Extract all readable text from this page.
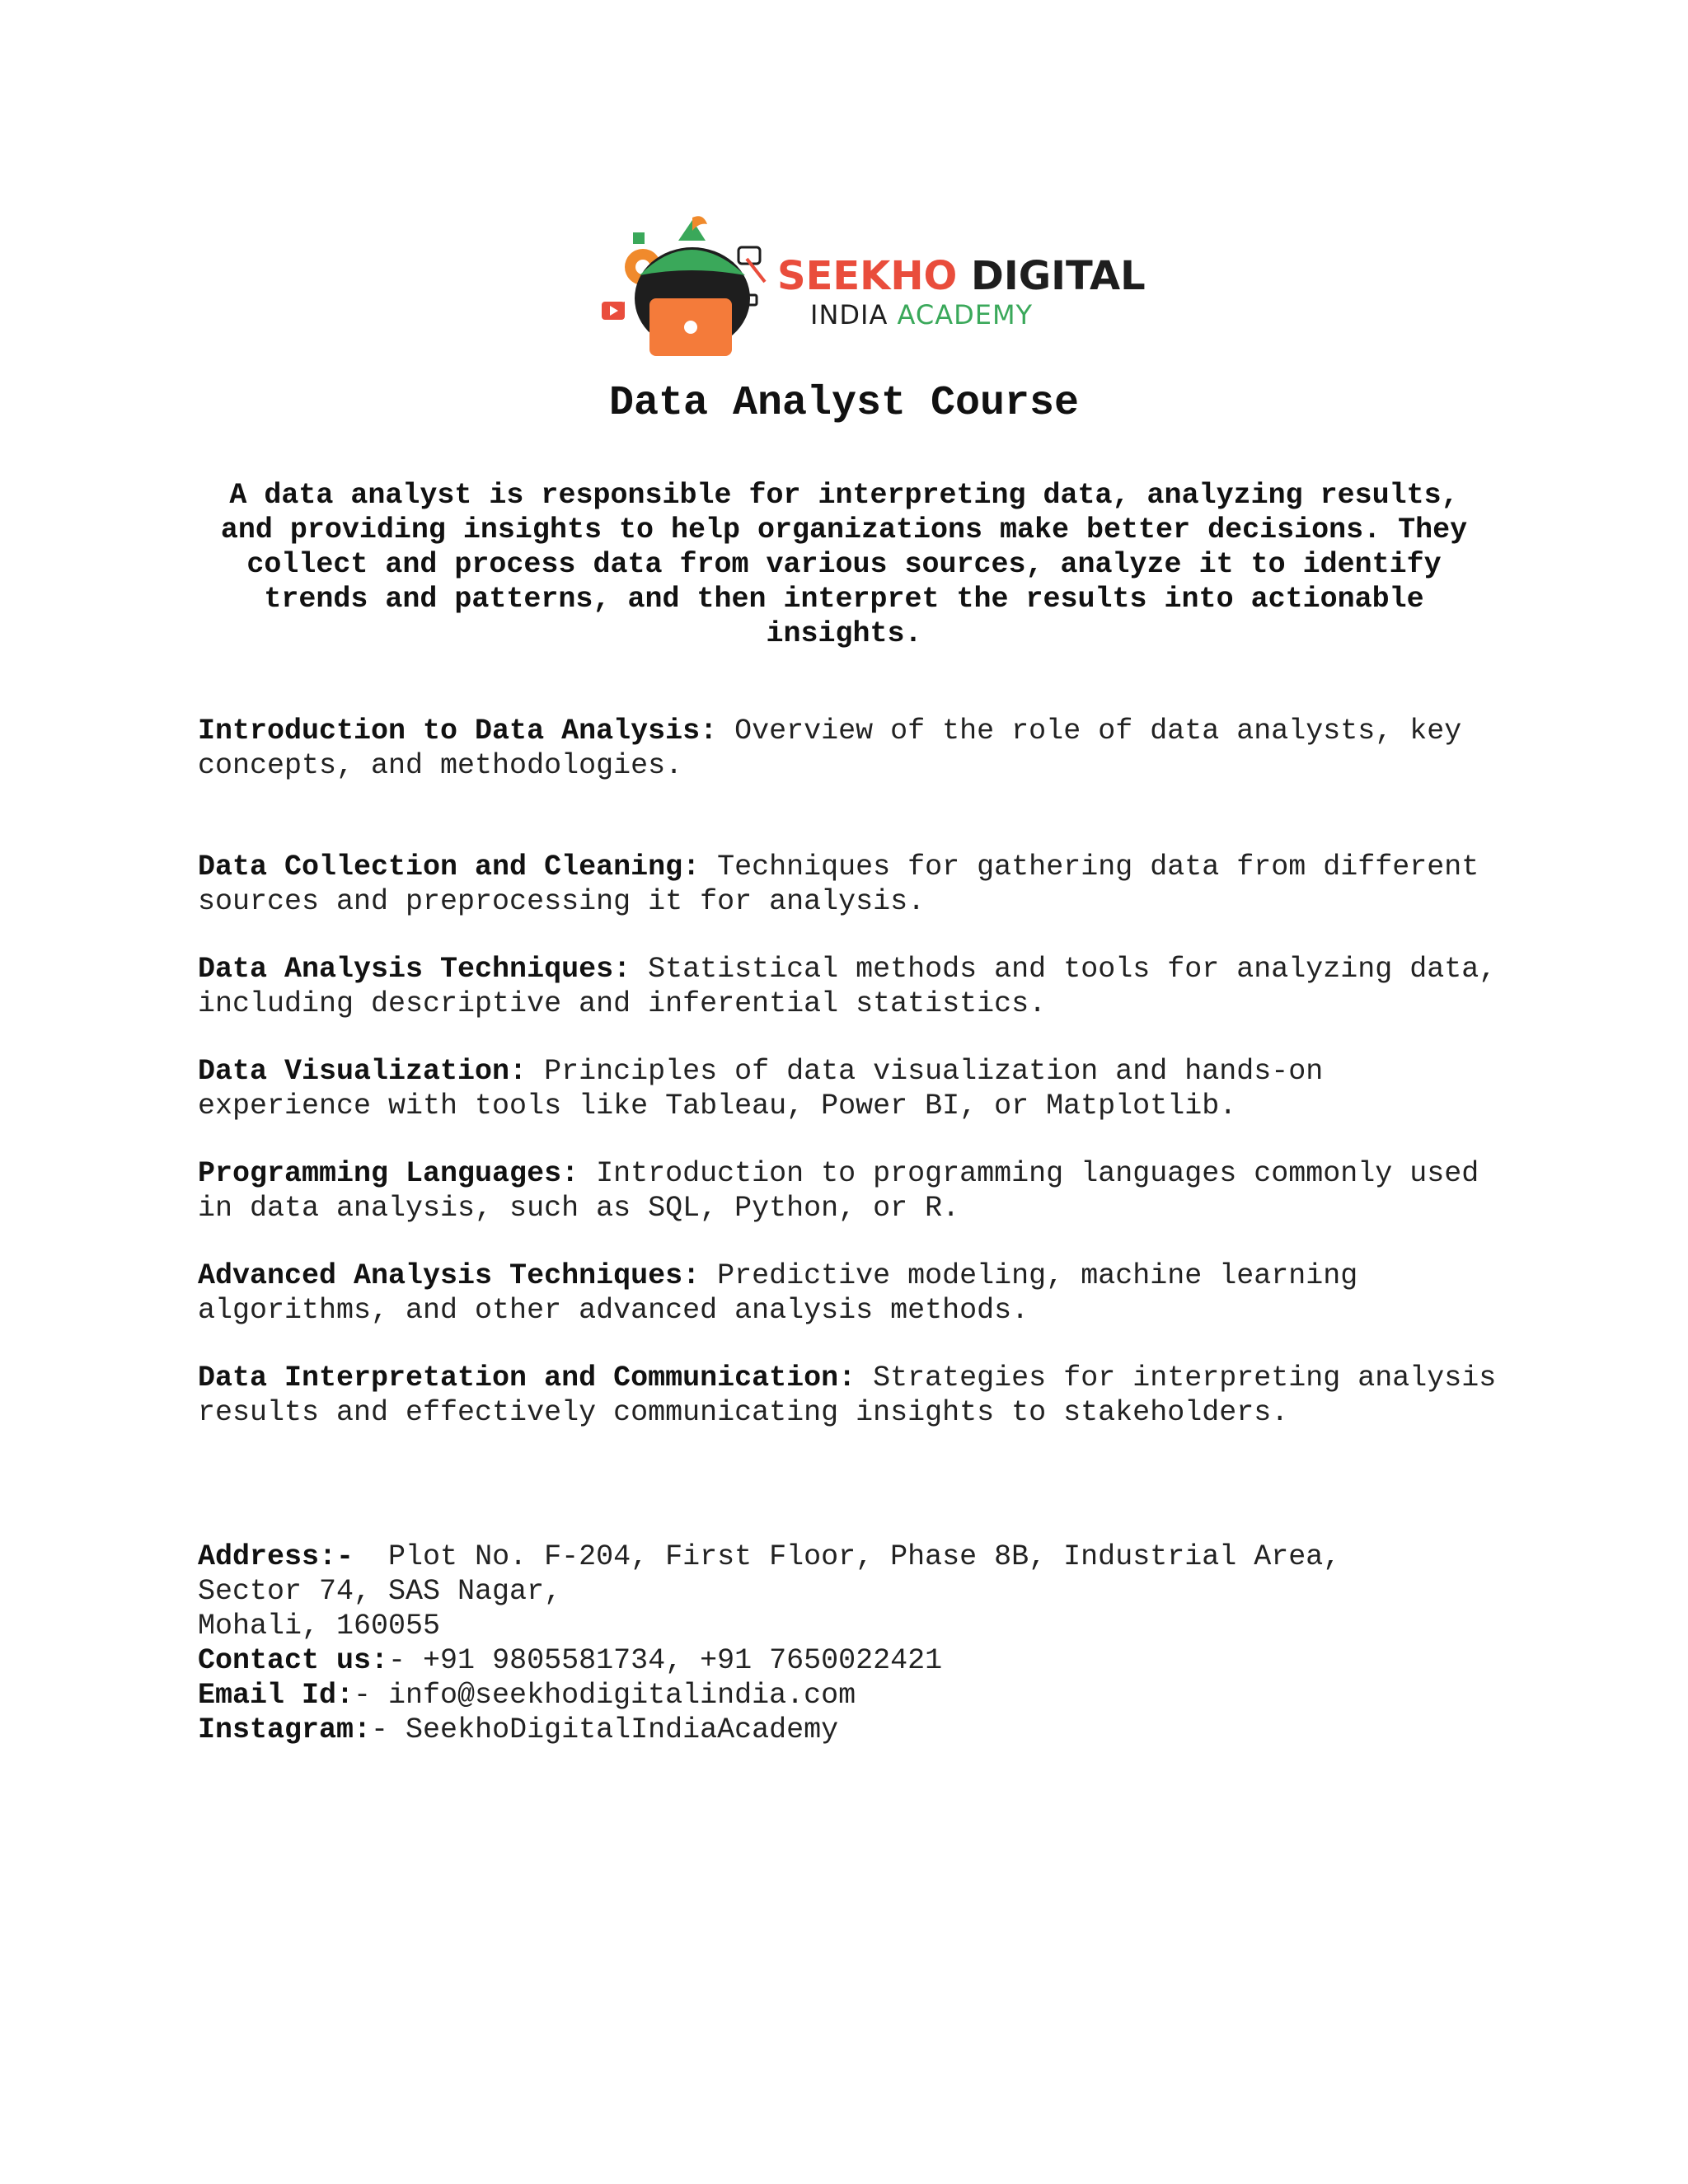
SEEKHO DIGITAL
INDIA ACADEMY
Data Analyst Course

A data analyst is responsible for interpreting data, analyzing results, and providing insights to help organizations make better decisions. They collect and process data from various sources, analyze it to identify trends and patterns, and then interpret the results into actionable insights.

Introduction to Data Analysis: Overview of the role of data analysts, key concepts, and methodologies.

Data Collection and Cleaning: Techniques for gathering data from different sources and preprocessing it for analysis.

Data Analysis Techniques: Statistical methods and tools for analyzing data, including descriptive and inferential statistics.

Data Visualization: Principles of data visualization and hands-on experience with tools like Tableau, Power BI, or Matplotlib.

Programming Languages: Introduction to programming languages commonly used in data analysis, such as SQL, Python, or R.

Advanced Analysis Techniques: Predictive modeling, machine learning algorithms, and other advanced analysis methods.

Data Interpretation and Communication: Strategies for interpreting analysis results and effectively communicating insights to stakeholders.

Address:- Plot No. F-204, First Floor, Phase 8B, Industrial Area,
Sector 74, SAS Nagar,
Mohali, 160055
Contact us:- +91 9805581734, +91 7650022421
Email Id:- info@seekhodigitalindia.com
Instagram:- SeekhoDigitalIndiaAcademy
